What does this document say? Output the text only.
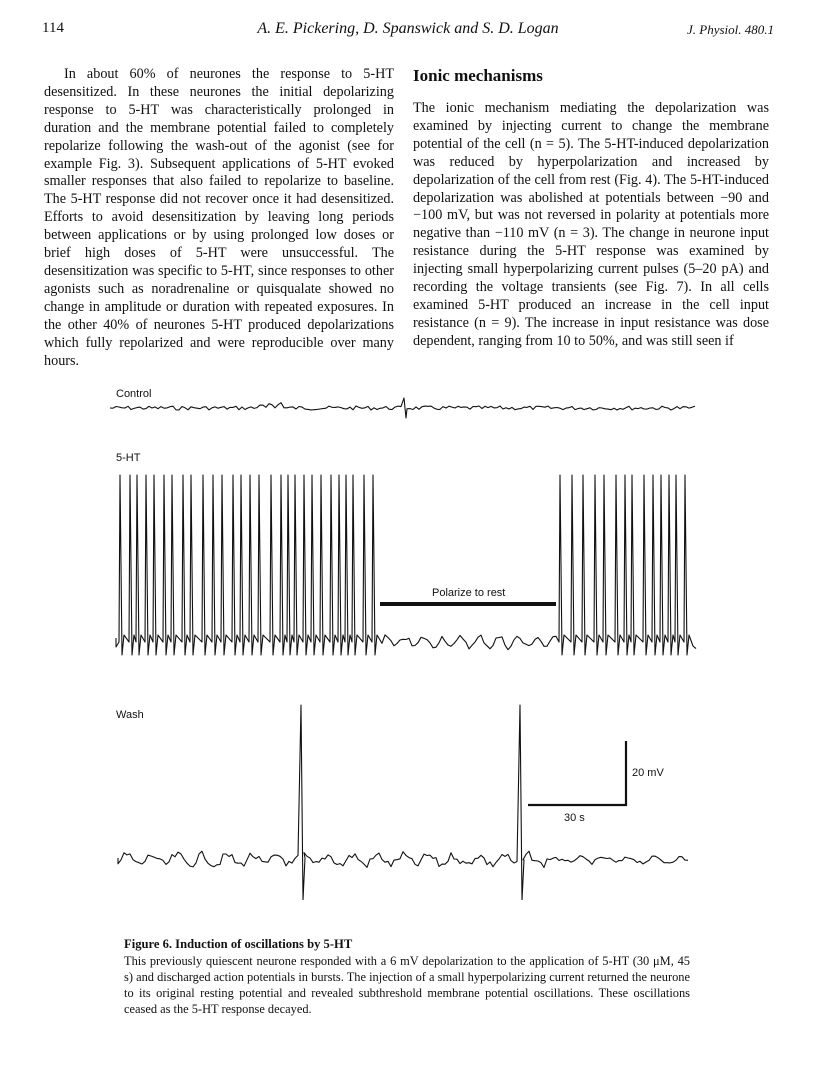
114	A. E. Pickering, D. Spanswick and S. D. Logan	J. Physiol. 480.1

In about 60% of neurones the response to 5-HT desensitized. In these neurones the initial depolarizing response to 5-HT was characteristically prolonged in duration and the membrane potential failed to completely repolarize following the wash-out of the agonist (see for example Fig. 3). Subsequent applications of 5-HT evoked smaller responses that also failed to repolarize to baseline. The 5-HT response did not recover once it had desensitized. Efforts to avoid desensitization by leaving long periods between applications or by using prolonged low doses or brief high doses of 5-HT were unsuccessful. The desensitization was specific to 5-HT, since responses to other agonists such as noradrenaline or quisqualate showed no change in amplitude or duration with repeated exposures. In the other 40% of neurones 5-HT produced depolarizations which fully repolarized and were reproducible over many hours.

Ionic mechanisms

The ionic mechanism mediating the depolarization was examined by injecting current to change the membrane potential of the cell (n = 5). The 5-HT-induced depolarization was reduced by hyperpolarization and increased by depolarization of the cell from rest (Fig. 4). The 5-HT-induced depolarization was abolished at potentials between −90 and −100 mV, but was not reversed in polarity at potentials more negative than −110 mV (n = 3). The change in neurone input resistance during the 5-HT response was examined by injecting small hyperpolarizing current pulses (5–20 pA) and recording the voltage transients (see Fig. 7). In all cells examined 5-HT produced an increase in the cell input resistance (n = 9). The increase in input resistance was dose dependent, ranging from 10 to 50%, and was still seen if

Control
5-HT
Wash
Polarize to rest
20 mV
30 s
Figure 6. Induction of oscillations by 5-HT
This previously quiescent neurone responded with a 6 mV depolarization to the application of 5-HT (30 μM, 45 s) and discharged action potentials in bursts. The injection of a small hyperpolarizing current returned the neurone to its original resting potential and revealed subthreshold membrane potential oscillations. These oscillations ceased as the 5-HT response decayed.
